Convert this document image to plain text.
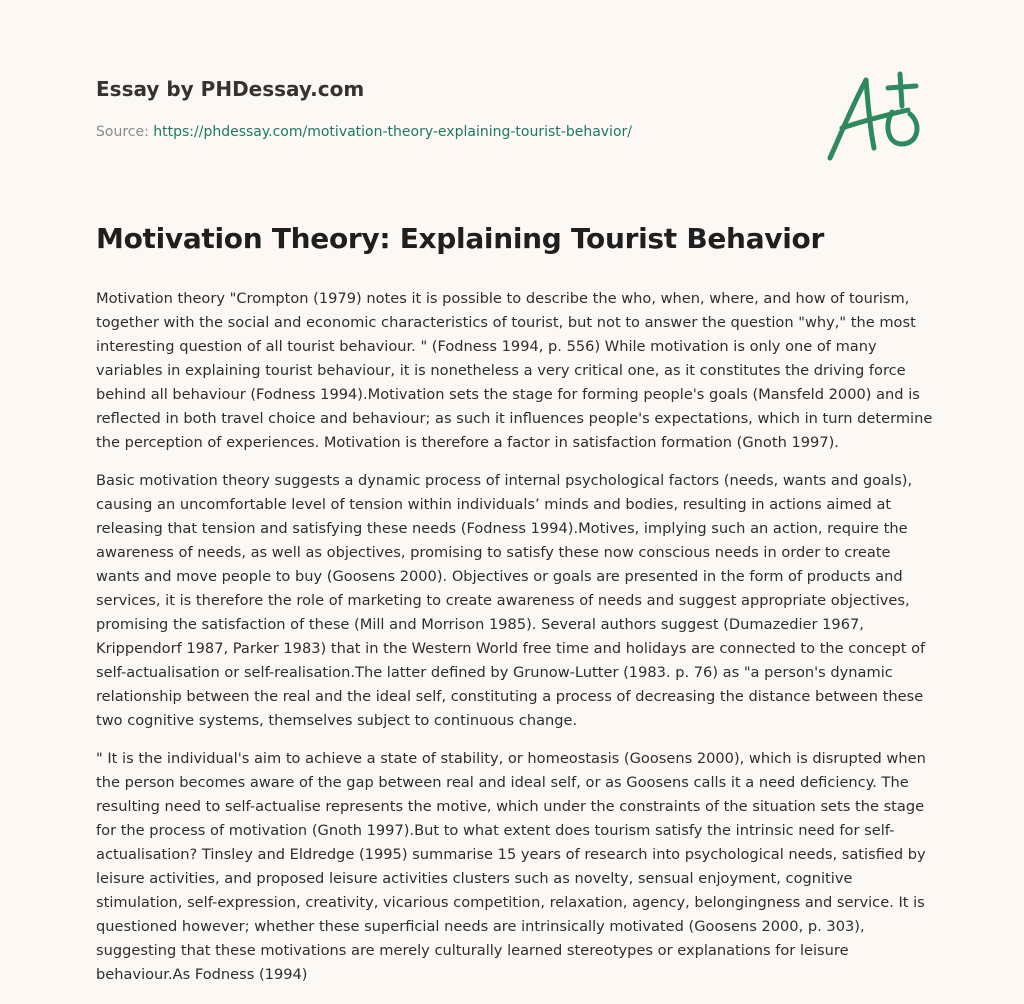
Essay by PHDessay.com
Source: https://phdessay.com/motivation-theory-explaining-tourist-behavior/
Motivation Theory: Explaining Tourist Behavior

Motivation theory "Crompton (1979) notes it is possible to describe the who, when, where, and how of tourism, together with the social and economic characteristics of tourist, but not to answer the question "why," the most interesting question of all tourist behaviour. " (Fodness 1994, p. 556) While motivation is only one of many variables in explaining tourist behaviour, it is nonetheless a very critical one, as it constitutes the driving force behind all behaviour (Fodness 1994).Motivation sets the stage for forming people's goals (Mansfeld 2000) and is reflected in both travel choice and behaviour; as such it influences people's expectations, which in turn determine the perception of experiences. Motivation is therefore a factor in satisfaction formation (Gnoth 1997).

Basic motivation theory suggests a dynamic process of internal psychological factors (needs, wants and goals), causing an uncomfortable level of tension within individuals’ minds and bodies, resulting in actions aimed at releasing that tension and satisfying these needs (Fodness 1994).Motives, implying such an action, require the awareness of needs, as well as objectives, promising to satisfy these now conscious needs in order to create wants and move people to buy (Goosens 2000). Objectives or goals are presented in the form of products and services, it is therefore the role of marketing to create awareness of needs and suggest appropriate objectives, promising the satisfaction of these (Mill and Morrison 1985). Several authors suggest (Dumazedier 1967, Krippendorf 1987, Parker 1983) that in the Western World free time and holidays are connected to the concept of self-actualisation or self-realisation.The latter defined by Grunow-Lutter (1983. p. 76) as "a person's dynamic relationship between the real and the ideal self, constituting a process of decreasing the distance between these two cognitive systems, themselves subject to continuous change.

" It is the individual's aim to achieve a state of stability, or homeostasis (Goosens 2000), which is disrupted when the person becomes aware of the gap between real and ideal self, or as Goosens calls it a need deficiency. The resulting need to self-actualise represents the motive, which under the constraints of the situation sets the stage for the process of motivation (Gnoth 1997).But to what extent does tourism satisfy the intrinsic need for self-actualisation? Tinsley and Eldredge (1995) summarise 15 years of research into psychological needs, satisfied by leisure activities, and proposed leisure activities clusters such as novelty, sensual enjoyment, cognitive stimulation, self-expression, creativity, vicarious competition, relaxation, agency, belongingness and service. It is questioned however; whether these superficial needs are intrinsically motivated (Goosens 2000, p. 303), suggesting that these motivations are merely culturally learned stereotypes or explanations for leisure behaviour.As Fodness (1994)
